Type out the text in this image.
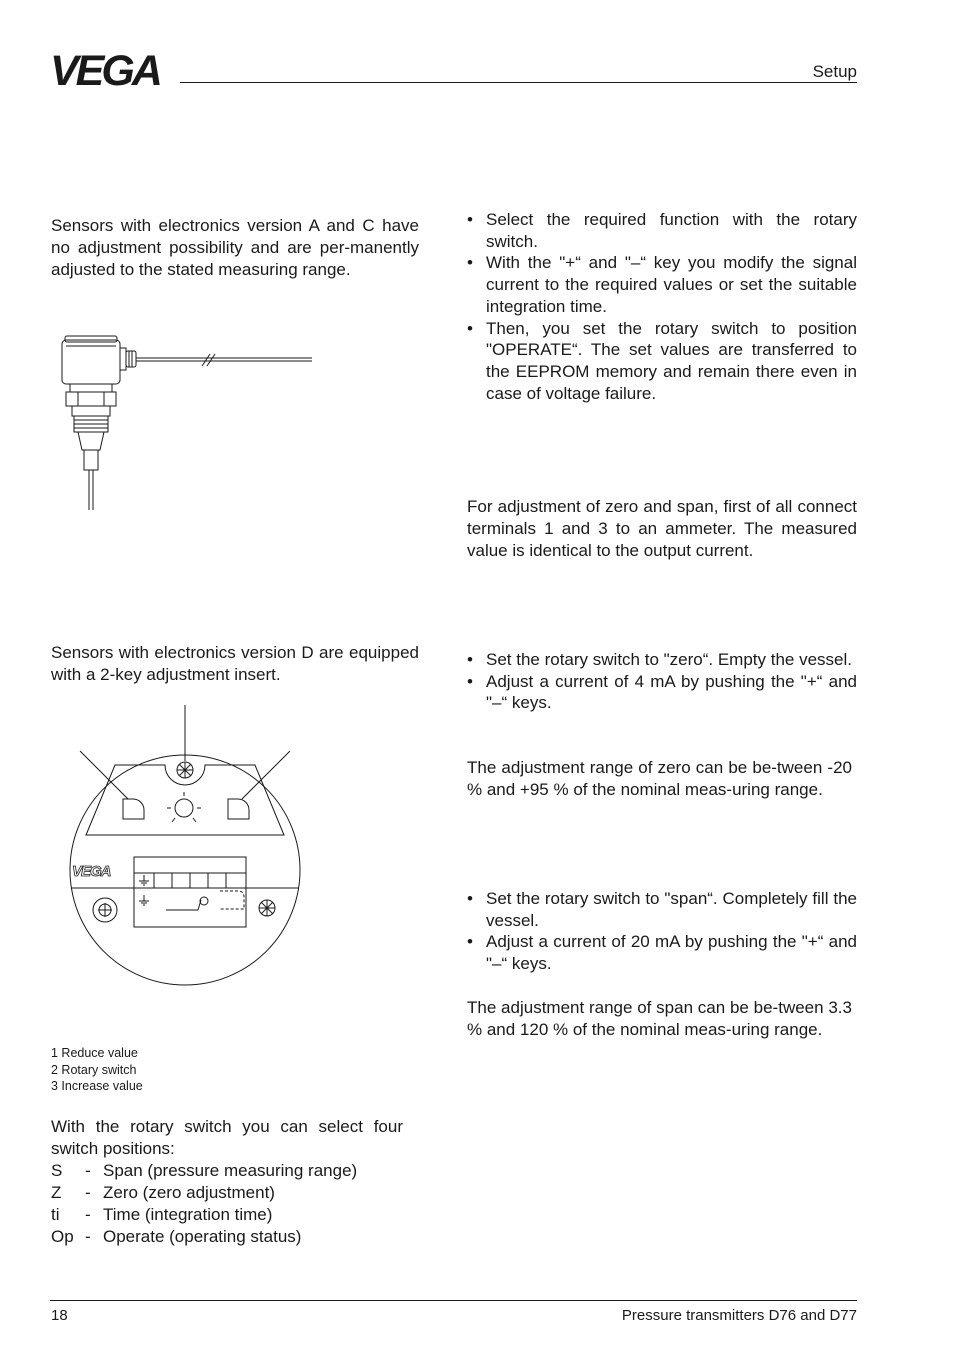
VEGA	Setup

Sensors with electronics version A and C have no adjustment possibility and are per-manently adjusted to the stated measuring range.

Sensors with electronics version D are equipped with a 2-key adjustment insert.

VEGA
1 Reduce value
2 Rotary switch
3 Increase value
With the rotary switch you can select four switch positions:
S	- Span (pressure measuring range)
Z	- Zero (zero adjustment)
ti	- Time (integration time)
Op - Operate (operating status)
• Select the required function with the rotary switch.
• With the "+“ and "–“ key you modify the signal current to the required values or set the suitable integration time.
• Then, you set the rotary switch to position "OPERATE“. The set values are transferred to the EEPROM memory and remain there even in case of voltage failure.

For adjustment of zero and span, first of all connect terminals 1 and 3 to an ammeter. The measured value is identical to the output current.

• Set the rotary switch to "zero“. Empty the vessel.
• Adjust a current of 4 mA by pushing the "+“ and "–“ keys.

The adjustment range of zero can be be-tween -20 % and +95 % of the nominal meas-uring range.

• Set the rotary switch to "span“. Completely fill the vessel.
• Adjust a current of 20 mA by pushing the "+“ and "–“ keys.

The adjustment range of span can be be-tween 3.3 % and 120 % of the nominal meas-uring range.

18	Pressure transmitters D76 and D77
